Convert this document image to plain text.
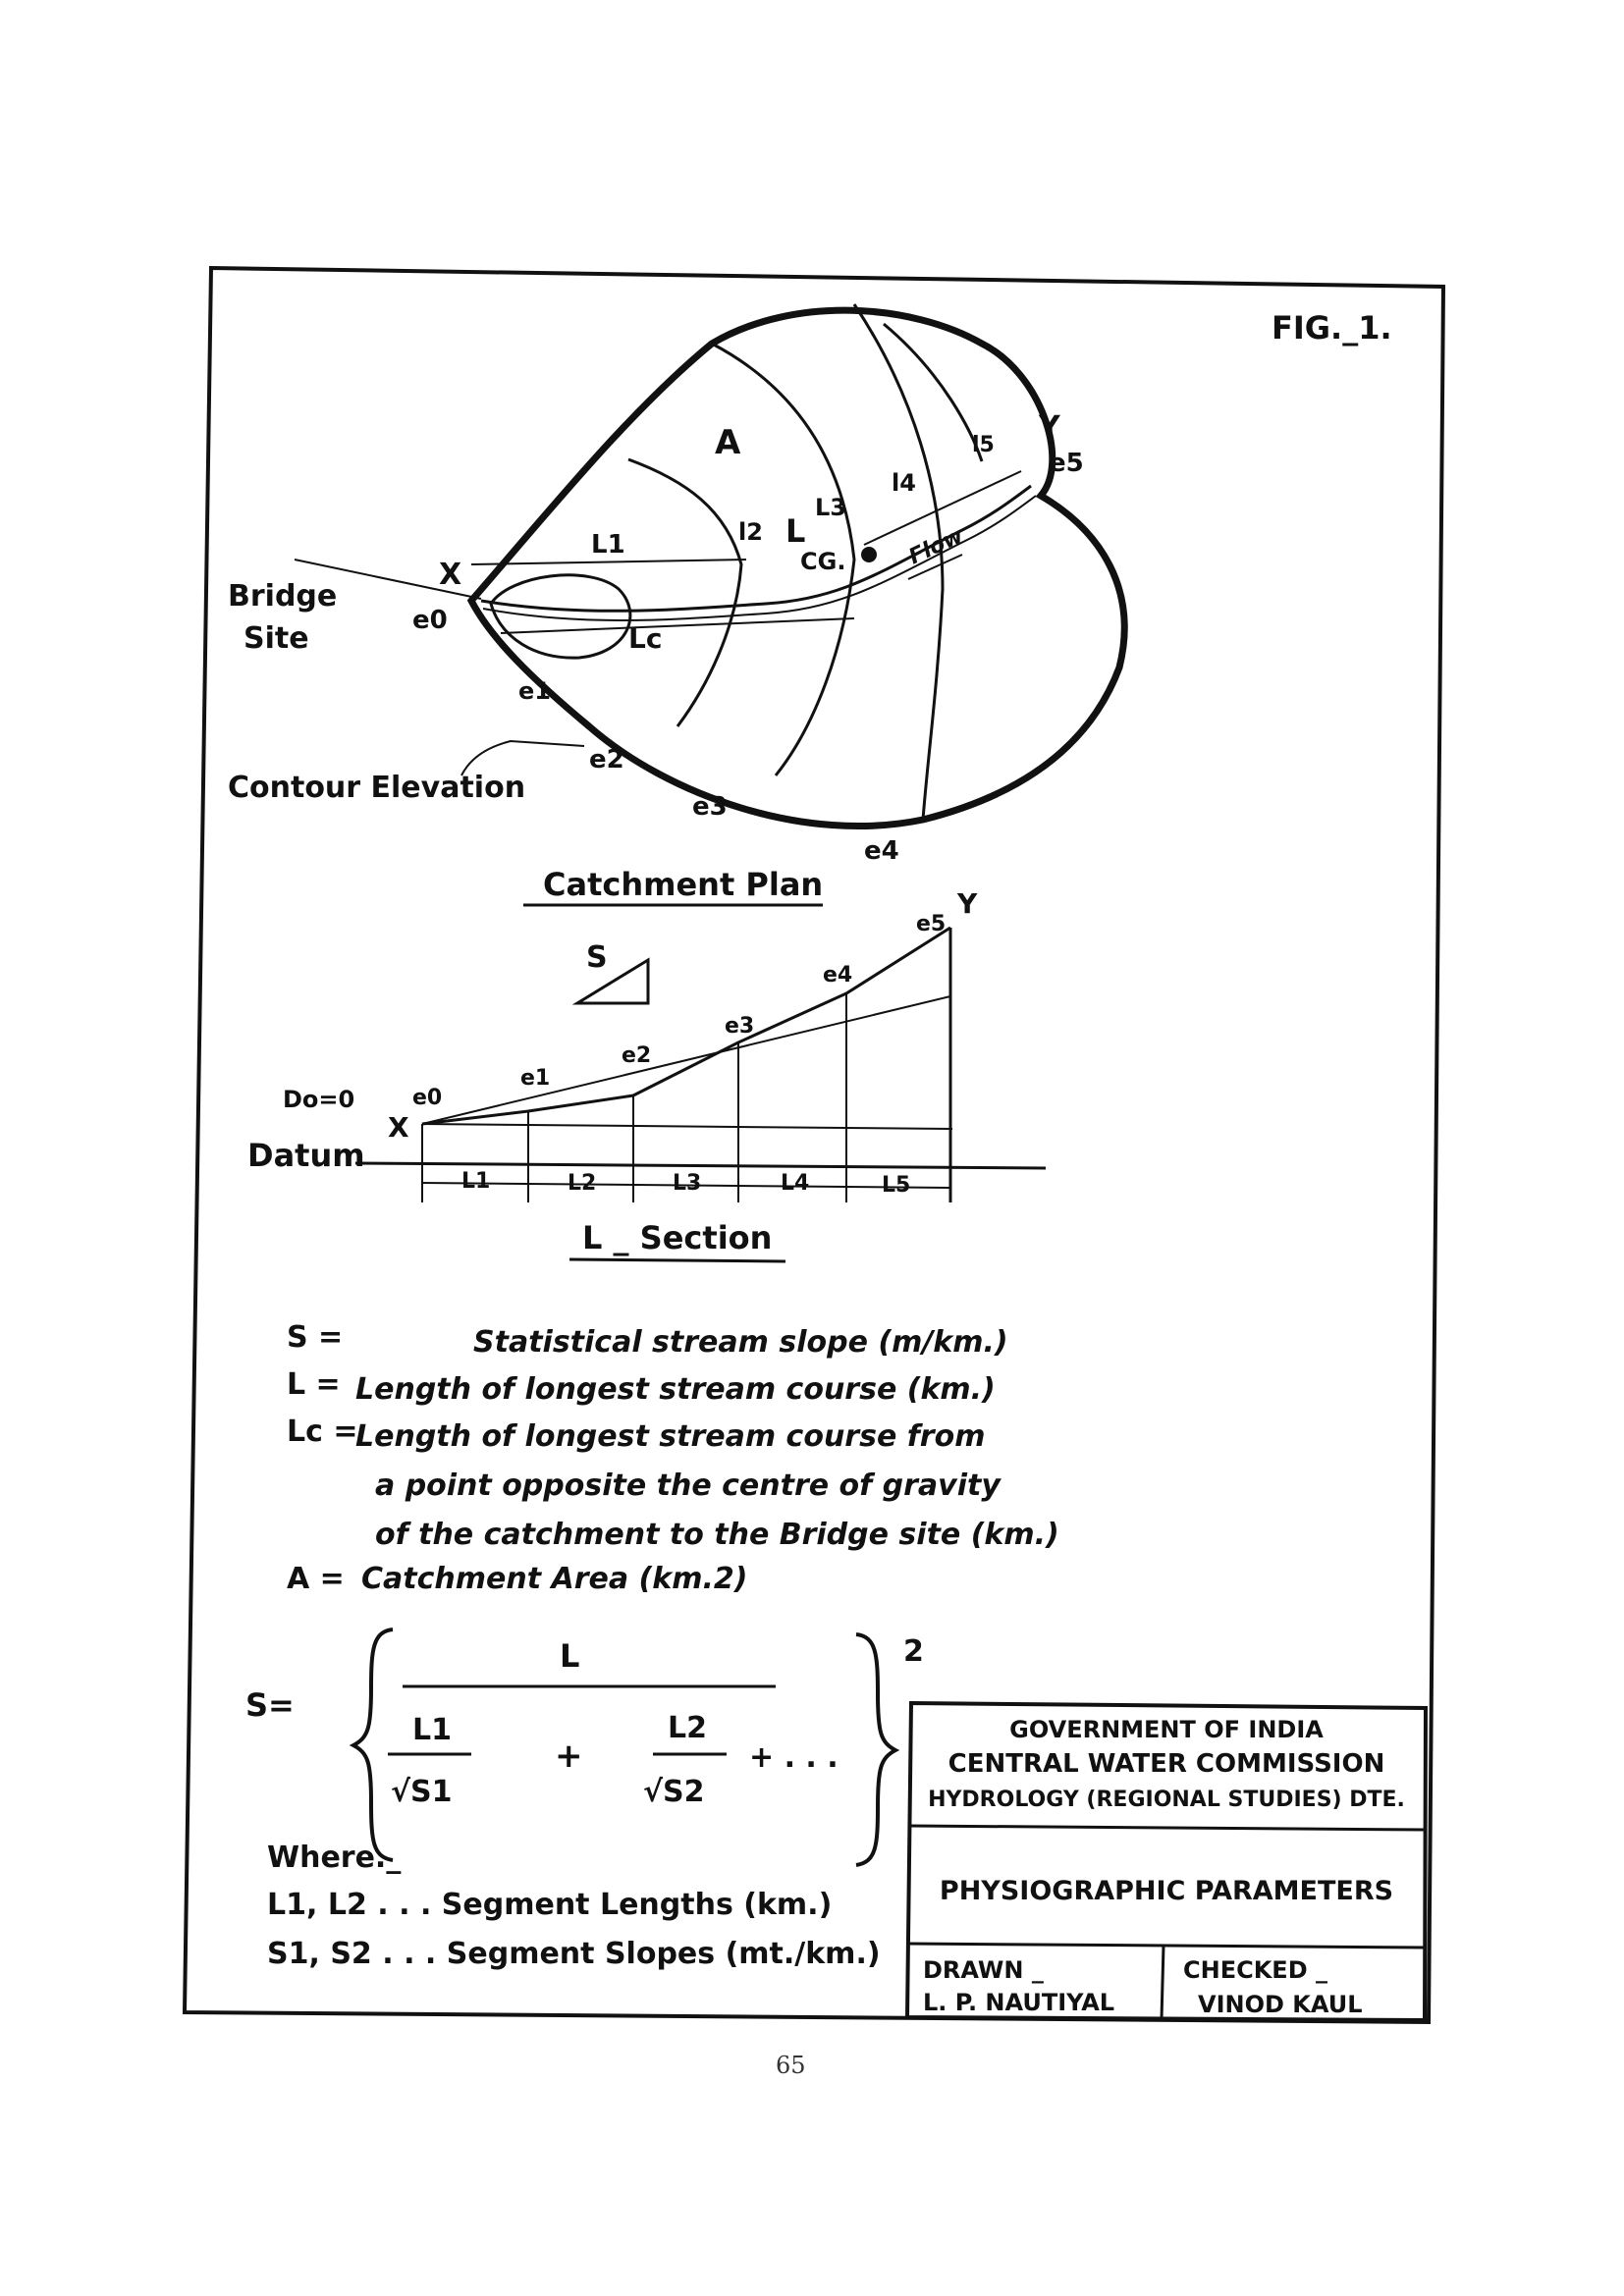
FIG._1.
Bridge
Site
Contour Elevation
A
X
Y
L
CG.
Lc
Flow
L1	l2
L3
l4
l5
e0
e1
e2
e3
e4
e5
Catchment Plan
S
Do=0
Datum
X
Y
e0
e1
e2
e3
e4
e5
L1	L2	L3	L4	L5
L _ Section
S =	Statistical stream slope (m/km.)
L = Length of longest stream course (km.)
Lc =
Length of longest stream course from
a point opposite the centre of gravity
of the catchment to the Bridge site (km.)
A = Catchment Area (km.2)
S=
2
L
L1
√S1
+
L2
√S2
+ . . .
Where._
L1, L2 . . . Segment Lengths (km.)
S1, S2 . . . Segment Slopes (mt./km.)
GOVERNMENT OF INDIA
CENTRAL WATER COMMISSION
HYDROLOGY (REGIONAL STUDIES) DTE.
PHYSIOGRAPHIC PARAMETERS
DRAWN _
L. P. NAUTIYAL
CHECKED _
VINOD KAUL
65
